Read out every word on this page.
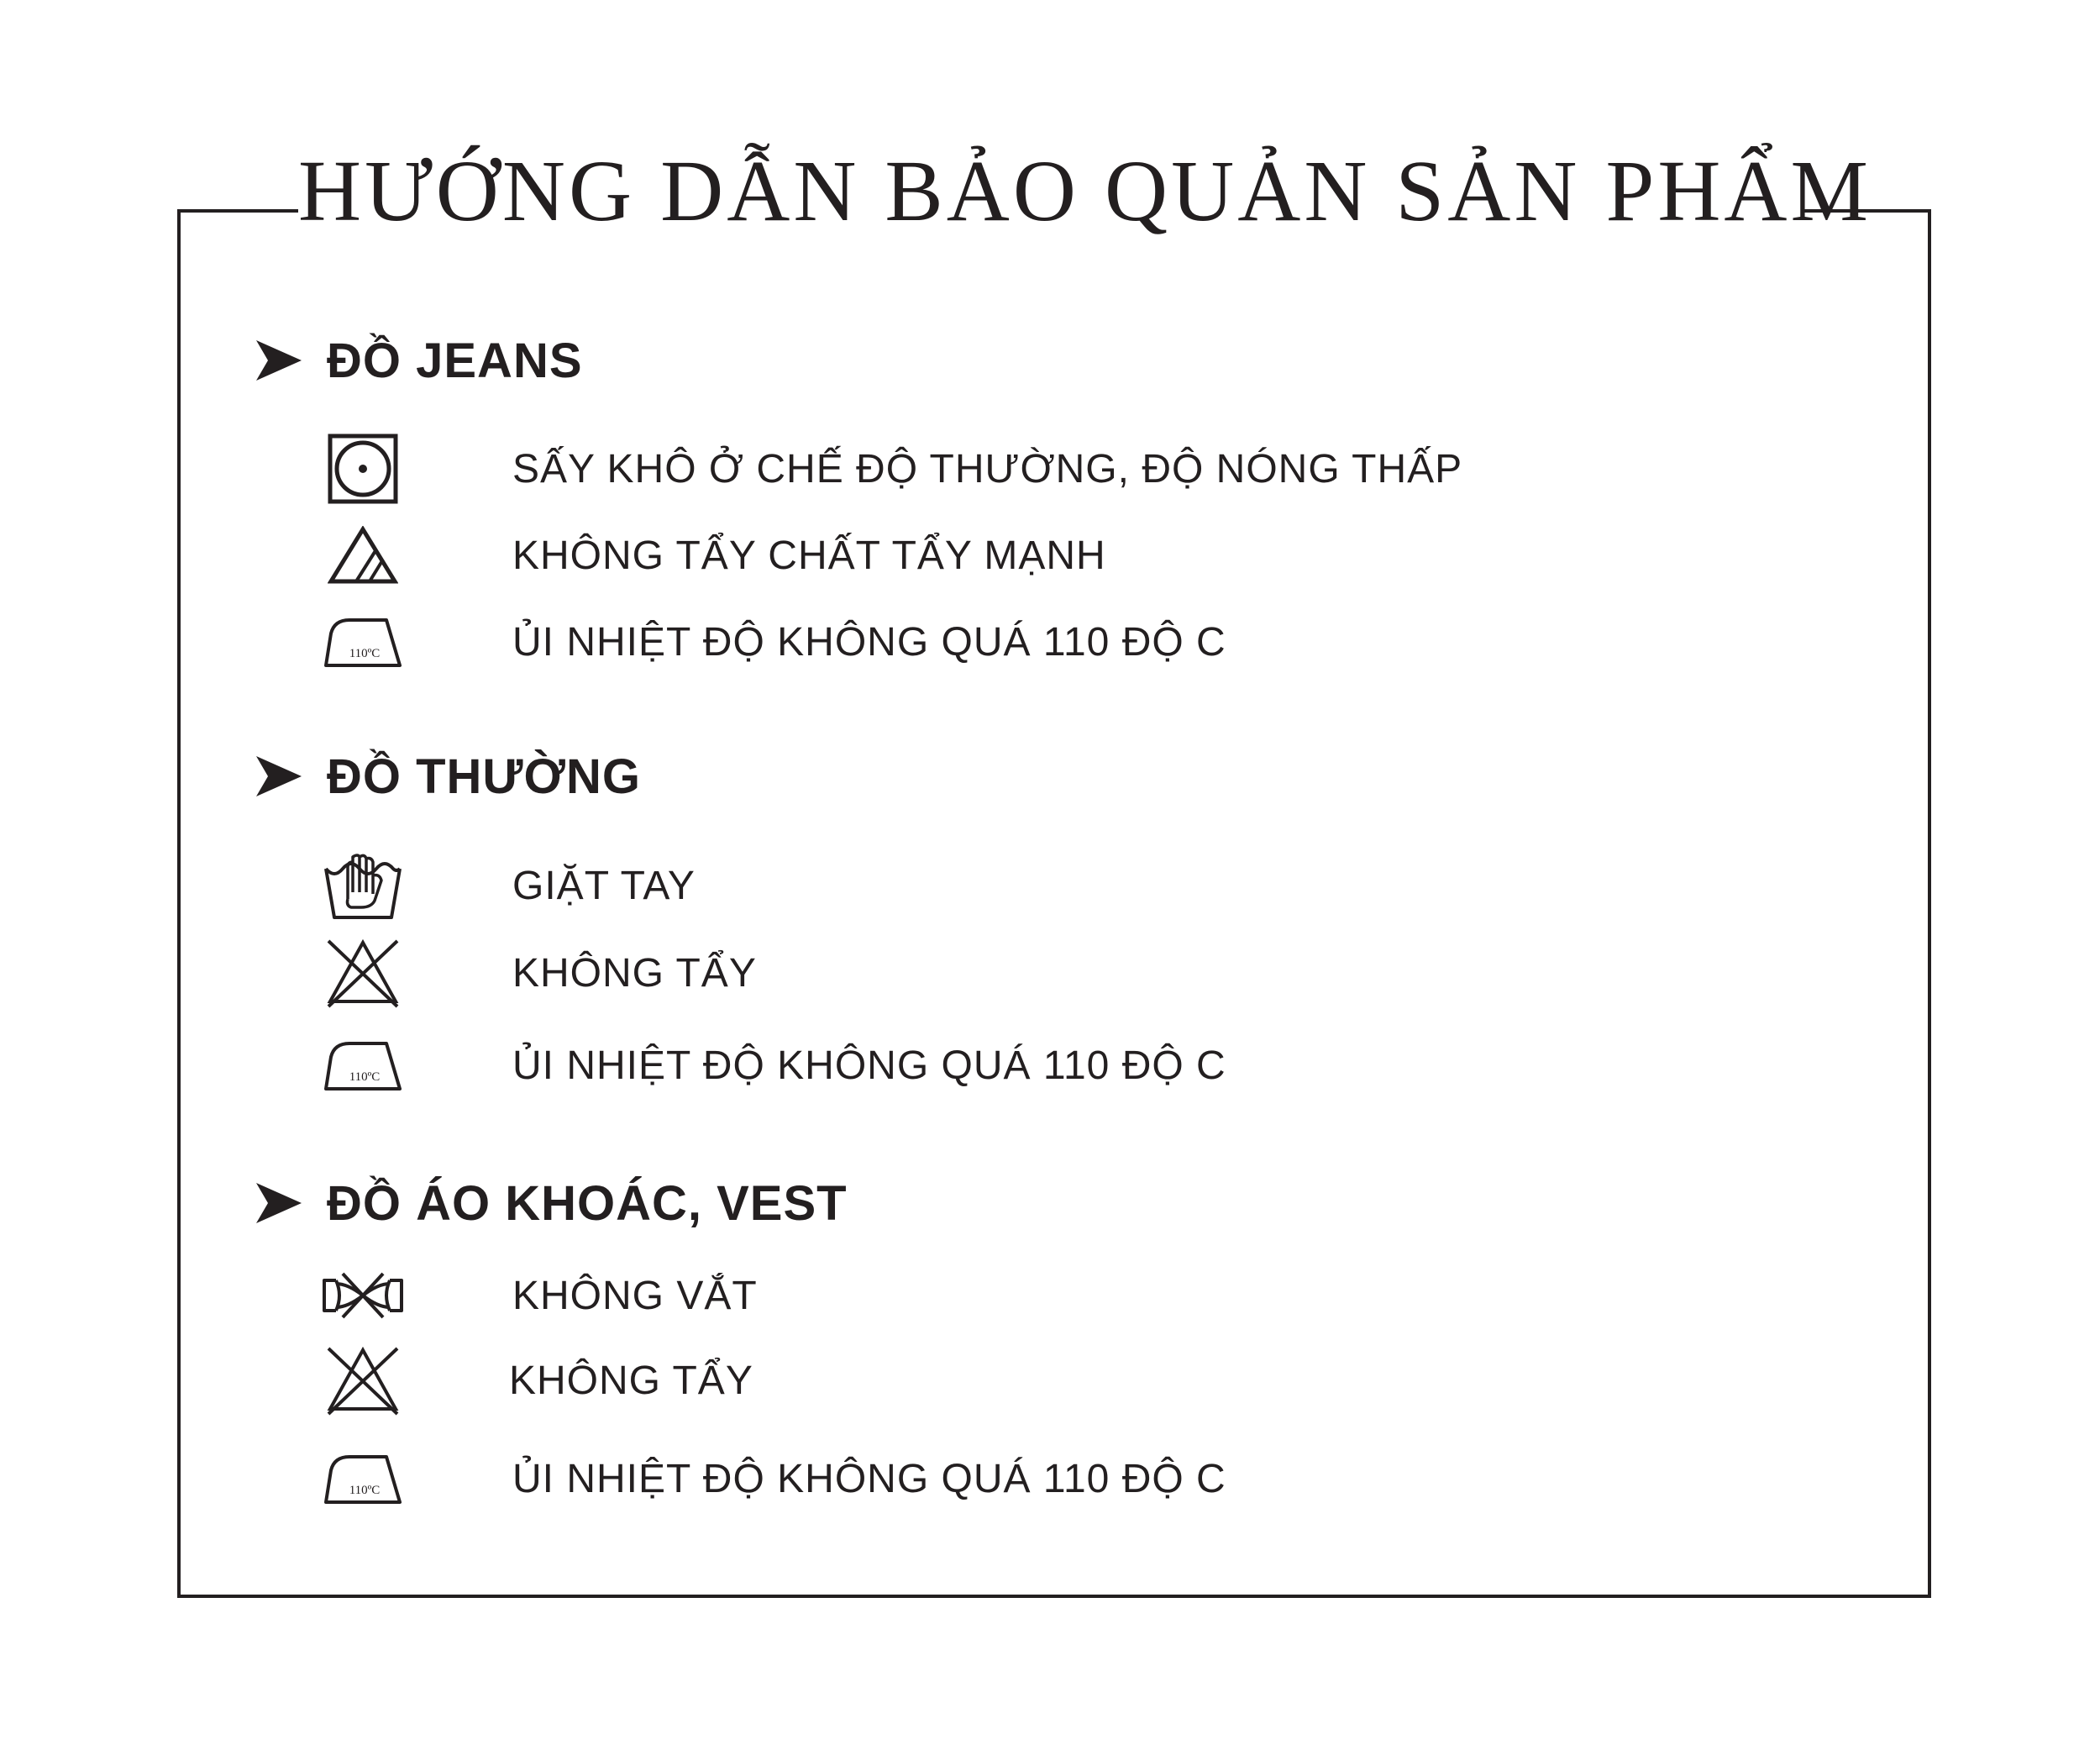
HƯỚNG DẪN BẢO QUẢN SẢN PHẨM
ĐỒ JEANS
SẤY KHÔ Ở CHẾ ĐỘ THƯỜNG, ĐỘ NÓNG THẤP
KHÔNG TẨY CHẤT TẨY MẠNH
110ºC	ỦI NHIỆT ĐỘ KHÔNG QUÁ 110 ĐỘ C
ĐỒ THƯỜNG
GIẶT TAY
KHÔNG TẨY
110ºC	ỦI NHIỆT ĐỘ KHÔNG QUÁ 110 ĐỘ C
ĐỒ ÁO KHOÁC, VEST
KHÔNG VẮT
KHÔNG TẨY
110ºC	ỦI NHIỆT ĐỘ KHÔNG QUÁ 110 ĐỘ C
